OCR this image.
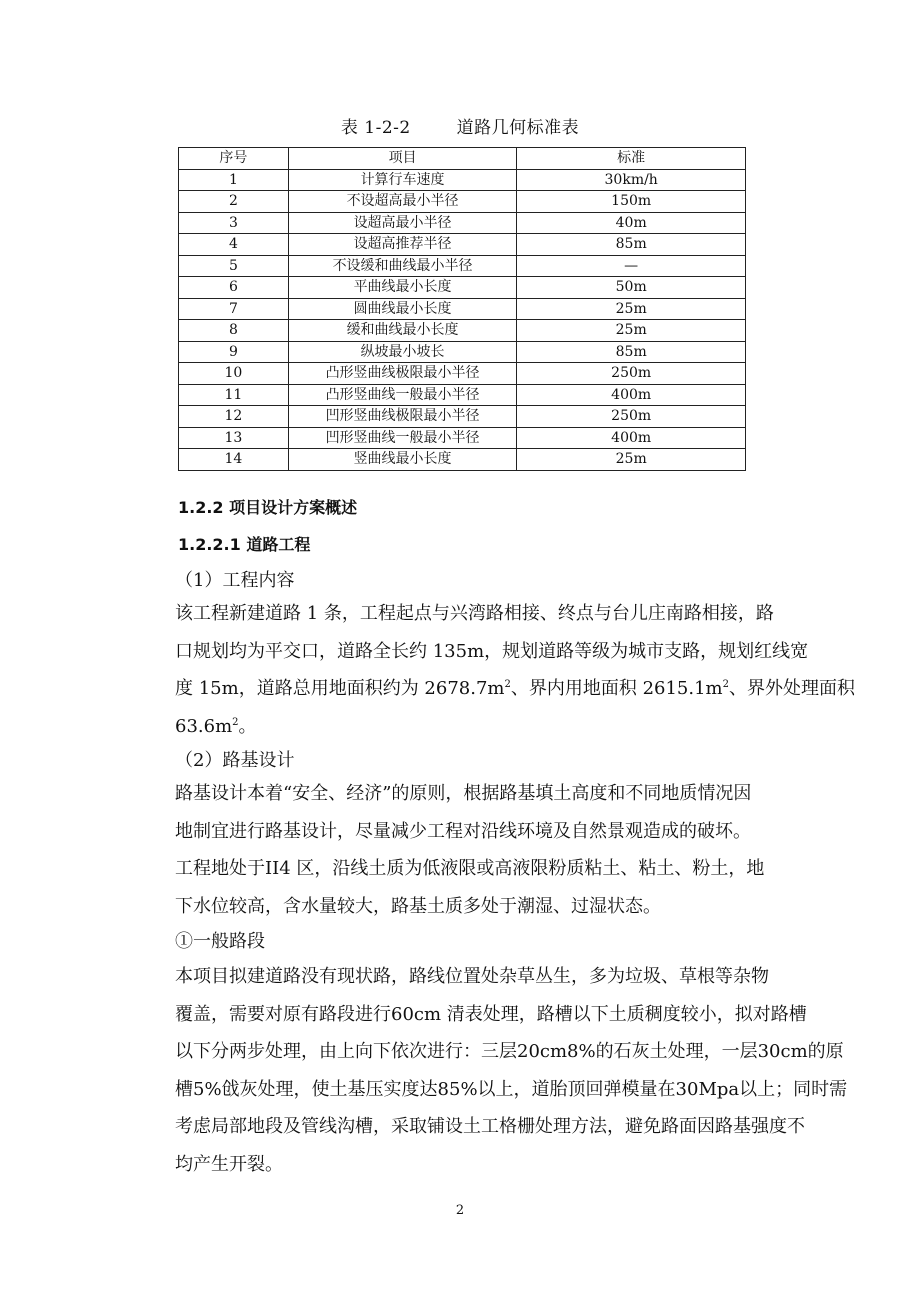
表 1-2-2	道路几何标准表
序号	项目	标准
1	计算行车速度	30km/h
2	不设超高最小半径	150m
3	设超高最小半径	40m
4	设超高推荐半径	85m
5	不设缓和曲线最小半径	—
6	平曲线最小长度	50m
7	圆曲线最小长度	25m
8	缓和曲线最小长度	25m
9	纵坡最小坡长	85m
10	凸形竖曲线极限最小半径	250m
11	凸形竖曲线一般最小半径	400m
12	凹形竖曲线极限最小半径	250m
13	凹形竖曲线一般最小半径	400m
14	竖曲线最小长度	25m
1.2.2 项目设计方案概述
1.2.2.1 道路工程
（1）工程内容
该工程新建道路 1 条，工程起点与兴湾路相接、终点与台儿庄南路相接，路
口规划均为平交口，道路全长约 135m，规划道路等级为城市支路，规划红线宽
度 15m，道路总用地面积约为 $2678.7m^2$、界内用地面积 $2615.1m^2$、界外处理面积
$63.6m^2$。
（2）路基设计
路基设计本着“安全、经济”的原则，根据路基填土高度和不同地质情况因
地制宜进行路基设计，尽量减少工程对沿线环境及自然景观造成的破坏。
工程地处于II4 区，沿线土质为低液限或高液限粉质粘土、粘土、粉土，地
下水位较高，含水量较大，路基土质多处于潮湿、过湿状态。
①一般路段
本项目拟建道路没有现状路，路线位置处杂草丛生，多为垃圾、草根等杂物
覆盖，需要对原有路段进行60cm 清表处理，路槽以下土质稠度较小，拟对路槽
以下分两步处理，由上向下依次进行：三层20cm8%的石灰土处理，一层30cm的原
槽5%戗灰处理，使土基压实度达85%以上，道胎顶回弹模量在30Mpa以上；同时需
考虑局部地段及管线沟槽，采取铺设土工格栅处理方法，避免路面因路基强度不
均产生开裂。
2
